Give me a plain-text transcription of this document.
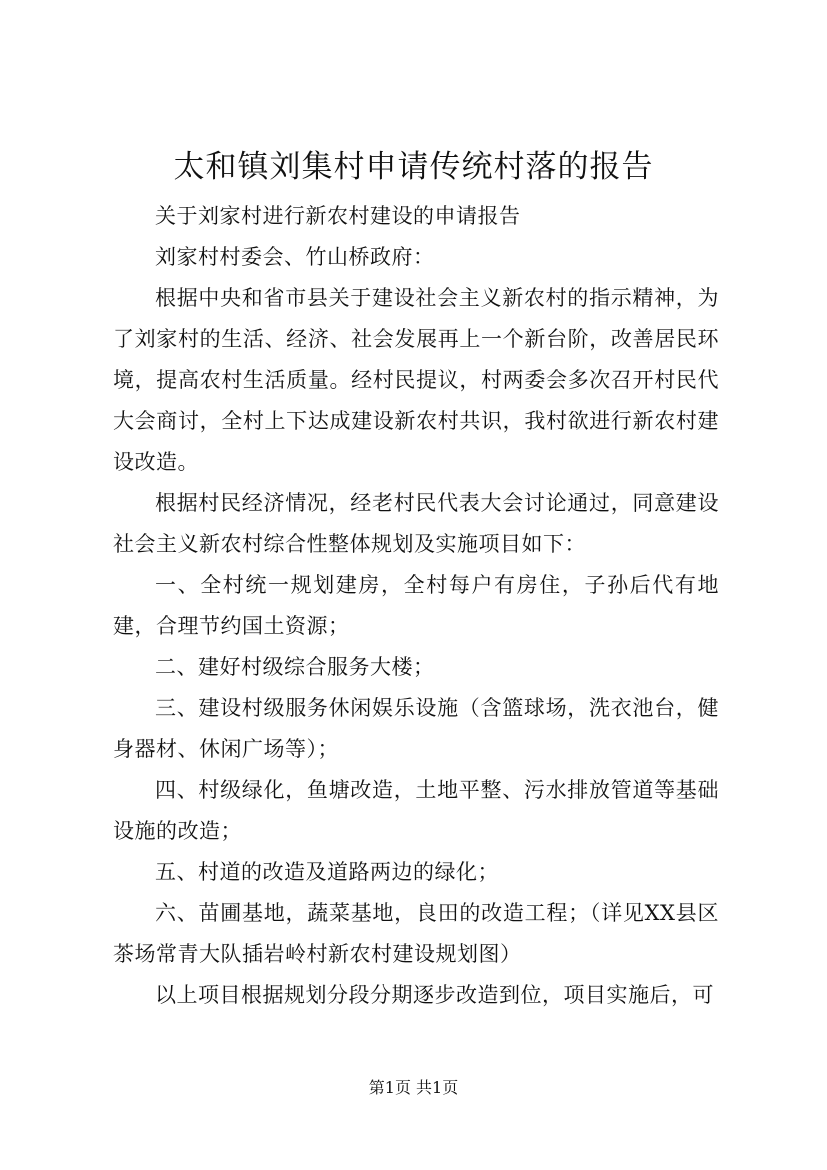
太和镇刘集村申请传统村落的报告

关于刘家村进行新农村建设的申请报告

刘家村村委会、竹山桥政府：

根据中央和省市县关于建设社会主义新农村的指示精神，为了刘家村的生活、经济、社会发展再上一个新台阶，改善居民环境，提高农村生活质量。经村民提议，村两委会多次召开村民代大会商讨，全村上下达成建设新农村共识，我村欲进行新农村建设改造。

根据村民经济情况，经老村民代表大会讨论通过，同意建设社会主义新农村综合性整体规划及实施项目如下：

一、全村统一规划建房，全村每户有房住，子孙后代有地建，合理节约国土资源；

二、建好村级综合服务大楼；

三、建设村级服务休闲娱乐设施（含篮球场，洗衣池台，健身器材、休闲广场等）；

四、村级绿化，鱼塘改造，土地平整、污水排放管道等基础设施的改造；

五、村道的改造及道路两边的绿化；

六、苗圃基地，蔬菜基地，良田的改造工程；（详见XX县区茶场常青大队插岩岭村新农村建设规划图）

以上项目根据规划分段分期逐步改造到位，项目实施后，可

第1页 共1页
